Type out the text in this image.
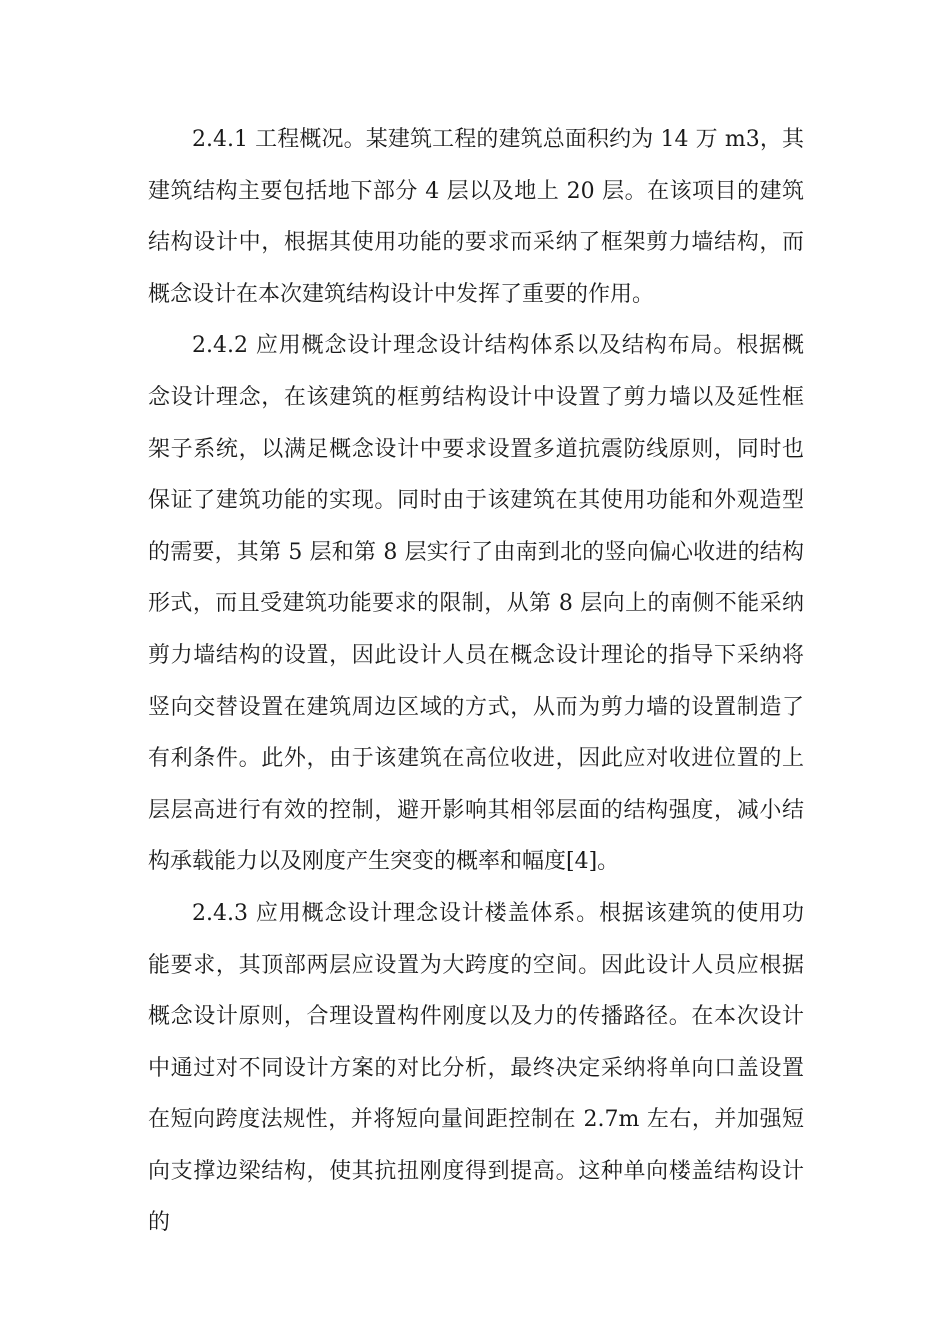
2.4.1 工程概况。某建筑工程的建筑总面积约为 14 万 m3，其建筑结构主要包括地下部分 4 层以及地上 20 层。在该项目的建筑结构设计中，根据其使用功能的要求而采纳了框架剪力墙结构，而概念设计在本次建筑结构设计中发挥了重要的作用。

2.4.2 应用概念设计理念设计结构体系以及结构布局。根据概念设计理念，在该建筑的框剪结构设计中设置了剪力墙以及延性框架子系统，以满足概念设计中要求设置多道抗震防线原则，同时也保证了建筑功能的实现。同时由于该建筑在其使用功能和外观造型的需要，其第 5 层和第 8 层实行了由南到北的竖向偏心收进的结构形式，而且受建筑功能要求的限制，从第 8 层向上的南侧不能采纳剪力墙结构的设置，因此设计人员在概念设计理论的指导下采纳将竖向交替设置在建筑周边区域的方式，从而为剪力墙的设置制造了有利条件。此外，由于该建筑在高位收进，因此应对收进位置的上层层高进行有效的控制，避开影响其相邻层面的结构强度，减小结构承载能力以及刚度产生突变的概率和幅度[4]。

2.4.3 应用概念设计理念设计楼盖体系。根据该建筑的使用功能要求，其顶部两层应设置为大跨度的空间。因此设计人员应根据概念设计原则，合理设置构件刚度以及力的传播路径。在本次设计中通过对不同设计方案的对比分析，最终决定采纳将单向口盖设置在短向跨度法规性，并将短向量间距控制在 2.7m 左右，并加强短向支撑边梁结构，使其抗扭刚度得到提高。这种单向楼盖结构设计的
